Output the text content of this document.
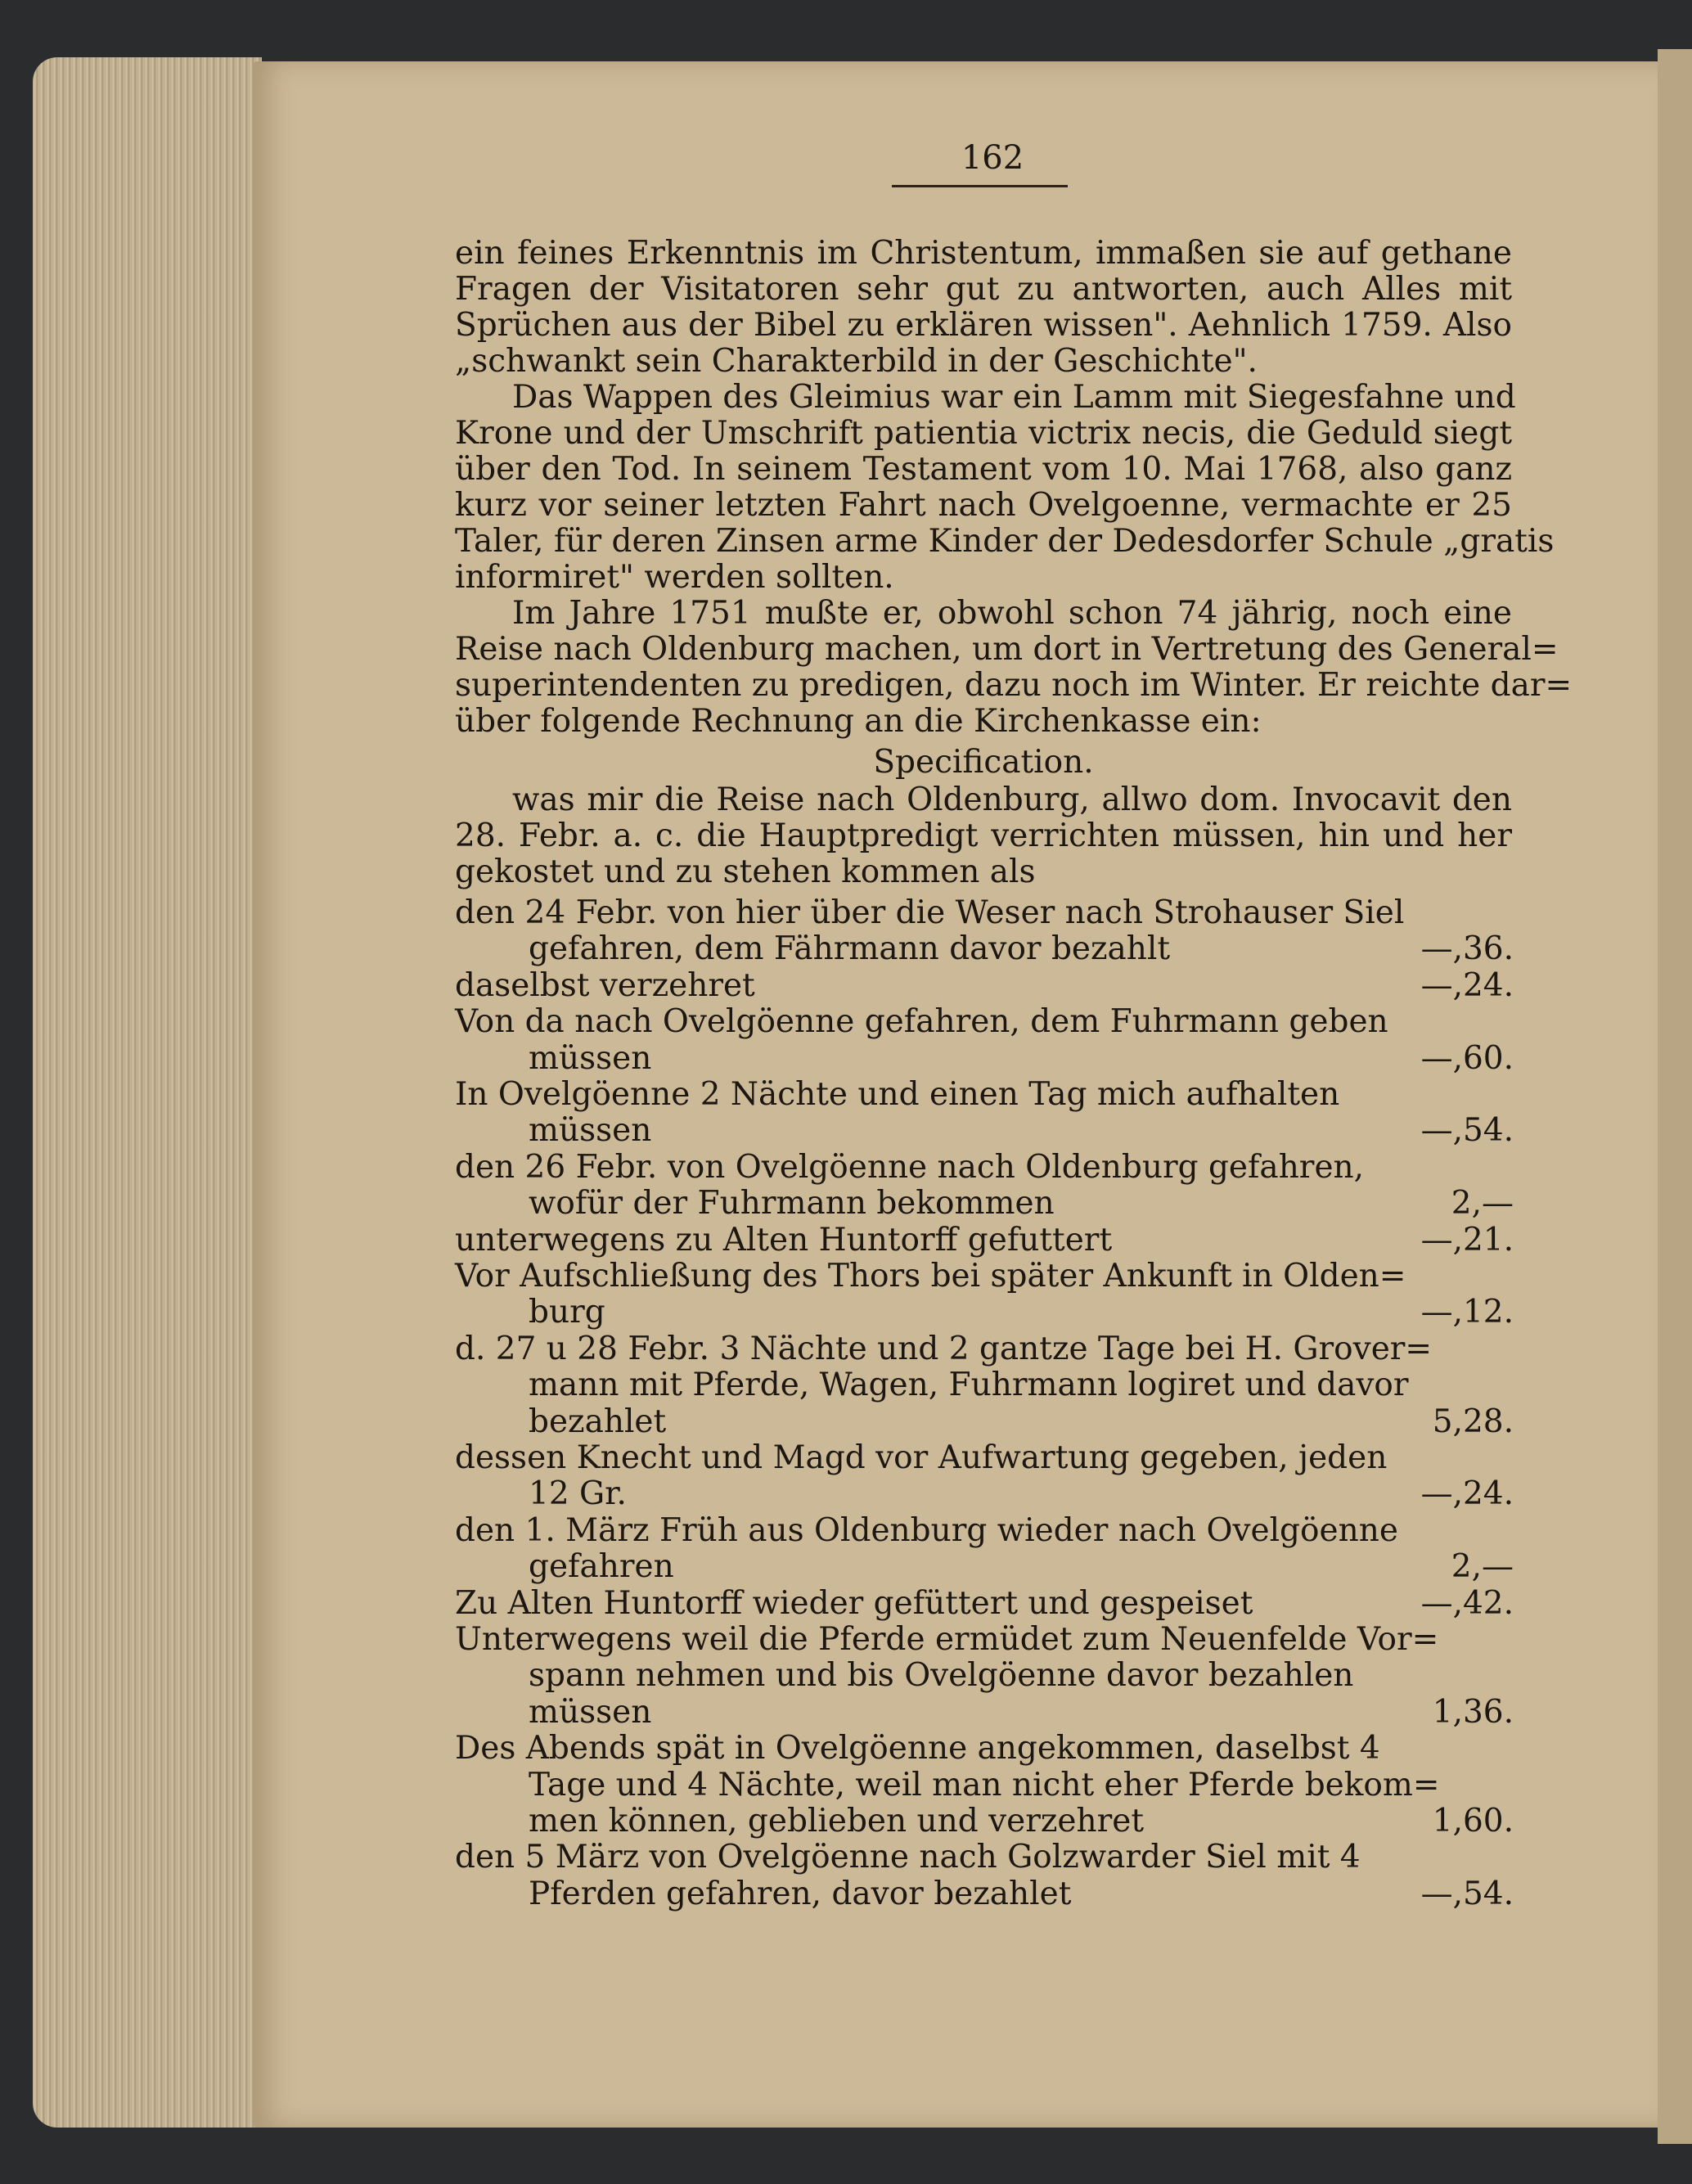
162

ein feines Erkenntnis im Christentum, immaßen sie auf gethane

Fragen der Visitatoren sehr gut zu antworten, auch Alles mit

Sprüchen aus der Bibel zu erklären wissen". Aehnlich 1759. Also

„schwankt sein Charakterbild in der Geschichte".

Das Wappen des Gleimius war ein Lamm mit Siegesfahne und

Krone und der Umschrift patientia victrix necis, die Geduld siegt

über den Tod. In seinem Testament vom 10. Mai 1768, also ganz

kurz vor seiner letzten Fahrt nach Ovelgoenne, vermachte er 25

Taler, für deren Zinsen arme Kinder der Dedesdorfer Schule „gratis

informiret" werden sollten.

Im Jahre 1751 mußte er, obwohl schon 74 jährig, noch eine

Reise nach Oldenburg machen, um dort in Vertretung des General=

superintendenten zu predigen, dazu noch im Winter. Er reichte dar=

über folgende Rechnung an die Kirchenkasse ein:

Specification.

was mir die Reise nach Oldenburg, allwo dom. Invocavit den

28. Febr. a. c. die Hauptpredigt verrichten müssen, hin und her

gekostet und zu stehen kommen als

den 24 Febr. von hier über die Weser nach Strohauser Siel
gefahren, dem Fährmann davor bezahlt	—,36.
daselbst verzehret	—,24.
Von da nach Ovelgöenne gefahren, dem Fuhrmann geben
müssen	—,60.
In Ovelgöenne 2 Nächte und einen Tag mich aufhalten
müssen	—,54.
den 26 Febr. von Ovelgöenne nach Oldenburg gefahren,
wofür der Fuhrmann bekommen	2,—
unterwegens zu Alten Huntorff gefuttert	—,21.
Vor Aufschließung des Thors bei später Ankunft in Olden=
burg	—,12.
d. 27 u 28 Febr. 3 Nächte und 2 gantze Tage bei H. Grover=
mann mit Pferde, Wagen, Fuhrmann logiret und davor
bezahlet	5,28.
dessen Knecht und Magd vor Aufwartung gegeben, jeden
12 Gr.	—,24.
den 1. März Früh aus Oldenburg wieder nach Ovelgöenne
gefahren	2,—
Zu Alten Huntorff wieder gefüttert und gespeiset	—,42.
Unterwegens weil die Pferde ermüdet zum Neuenfelde Vor=
spann nehmen und bis Ovelgöenne davor bezahlen
müssen	1,36.
Des Abends spät in Ovelgöenne angekommen, daselbst 4
Tage und 4 Nächte, weil man nicht eher Pferde bekom=
men können, geblieben und verzehret	1,60.
den 5 März von Ovelgöenne nach Golzwarder Siel mit 4
Pferden gefahren, davor bezahlet	—,54.
